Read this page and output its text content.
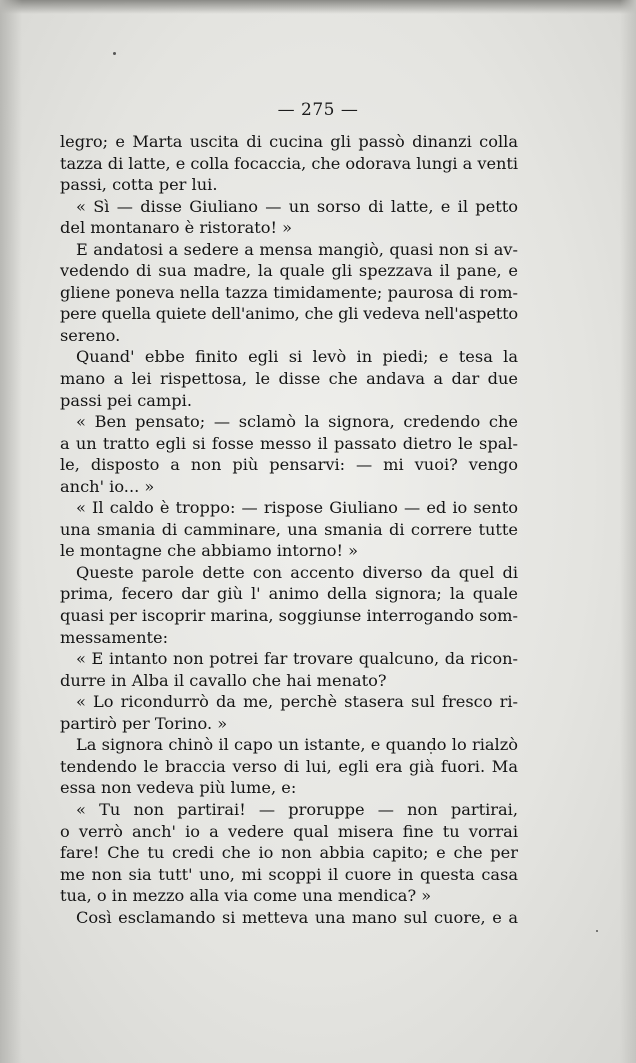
— 275 —
legro; e Marta uscita di cucina gli passò dinanzi colla
tazza di latte, e colla focaccia, che odorava lungi a venti
passi, cotta per lui.
« Sì — disse Giuliano — un sorso di latte, e il petto
del montanaro è ristorato! »
E andatosi a sedere a mensa mangiò, quasi non si av-
vedendo di sua madre, la quale gli spezzava il pane, e
gliene poneva nella tazza timidamente; paurosa di rom-
pere quella quiete dell'animo, che gli vedeva nell'aspetto
sereno.
Quand' ebbe finito egli si levò in piedi; e tesa la
mano a lei rispettosa, le disse che andava a dar due
passi pei campi.
« Ben pensato; — sclamò la signora, credendo che
a un tratto egli si fosse messo il passato dietro le spal-
le, disposto a non più pensarvi: — mi vuoi? vengo
anch' io... »
« Il caldo è troppo: — rispose Giuliano — ed io sento
una smania di camminare, una smania di correre tutte
le montagne che abbiamo intorno! »
Queste parole dette con accento diverso da quel di
prima, fecero dar giù l' animo della signora; la quale
quasi per iscoprir marina, soggiunse interrogando som-
messamente:
« E intanto non potrei far trovare qualcuno, da ricon-
durre in Alba il cavallo che hai menato?
« Lo ricondurrò da me, perchè stasera sul fresco ri-
partirò per Torino. »
La signora chinò il capo un istante, e quando lo rialzò
tendendo le braccia verso di lui, egli era già fuori. Ma
essa non vedeva più lume, e:
« Tu non partirai! — proruppe — non partirai,
o verrò anch' io a vedere qual misera fine tu vorrai
fare! Che tu credi che io non abbia capito; e che per
me non sia tutt' uno, mi scoppi il cuore in questa casa
tua, o in mezzo alla via come una mendica? »
Così esclamando si metteva una mano sul cuore, e a
